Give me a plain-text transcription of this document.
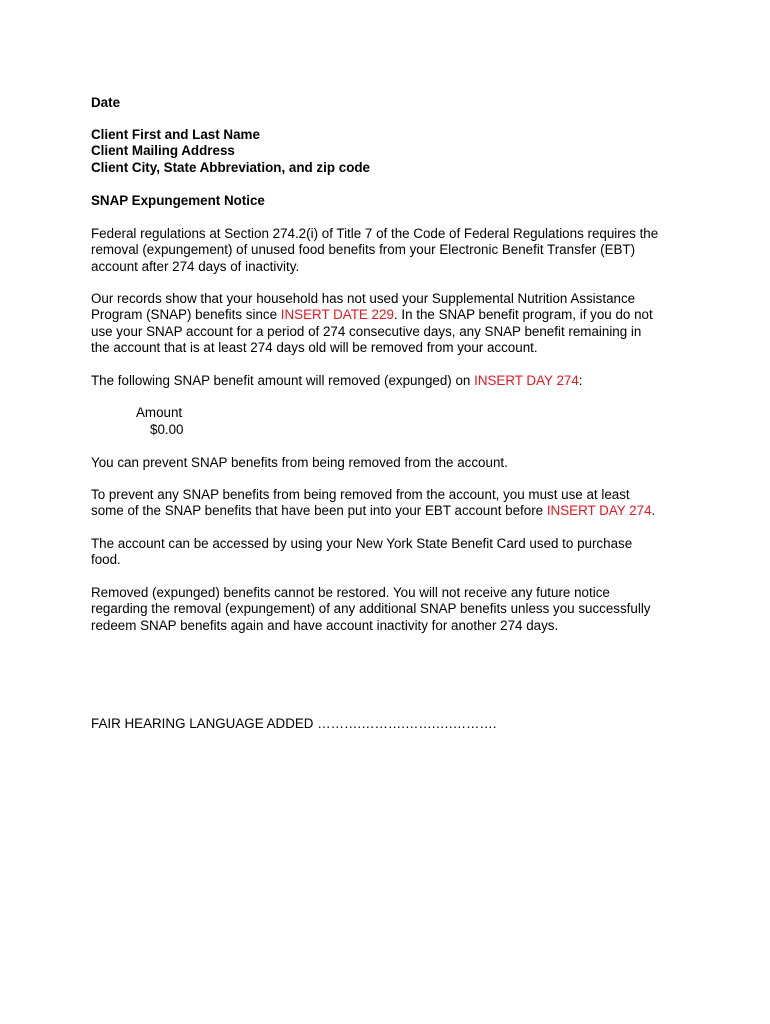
Date
Client First and Last Name
Client Mailing Address
Client City, State Abbreviation, and zip code
SNAP Expungement Notice
Federal regulations at Section 274.2(i) of Title 7 of the Code of Federal Regulations requires the
removal (expungement) of unused food benefits from your Electronic Benefit Transfer (EBT)
account after 274 days of inactivity.
Our records show that your household has not used your Supplemental Nutrition Assistance
Program (SNAP) benefits since INSERT DATE 229. In the SNAP benefit program, if you do not
use your SNAP account for a period of 274 consecutive days, any SNAP benefit remaining in
the account that is at least 274 days old will be removed from your account.
The following SNAP benefit amount will removed (expunged) on INSERT DAY 274:
Amount
$0.00
You can prevent SNAP benefits from being removed from the account.
To prevent any SNAP benefits from being removed from the account, you must use at least
some of the SNAP benefits that have been put into your EBT account before INSERT DAY 274.
The account can be accessed by using your New York State Benefit Card used to purchase
food.
Removed (expunged) benefits cannot be restored. You will not receive any future notice
regarding the removal (expungement) of any additional SNAP benefits unless you successfully
redeem SNAP benefits again and have account inactivity for another 274 days.
FAIR HEARING LANGUAGE ADDED ……….……….…….….……….
